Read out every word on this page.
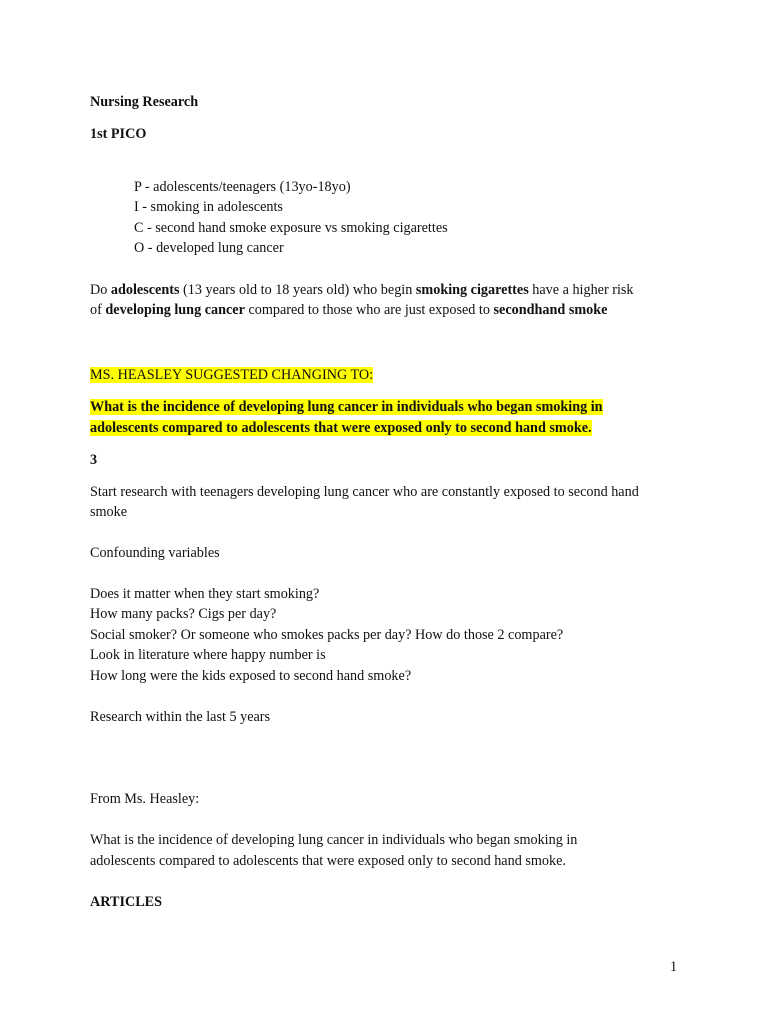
Nursing Research
1st PICO
P - adolescents/teenagers (13yo-18yo)
I - smoking in adolescents
C - second hand smoke exposure vs smoking cigarettes
O - developed lung cancer
Do adolescents (13 years old to 18 years old) who begin smoking cigarettes have a higher risk
of developing lung cancer compared to those who are just exposed to secondhand smoke
MS. HEASLEY SUGGESTED CHANGING TO:
What is the incidence of developing lung cancer in individuals who began smoking in
adolescents compared to adolescents that were exposed only to second hand smoke.
3
Start research with teenagers developing lung cancer who are constantly exposed to second hand
smoke
Confounding variables
Does it matter when they start smoking?
How many packs? Cigs per day?
Social smoker? Or someone who smokes packs per day? How do those 2 compare?
Look in literature where happy number is
How long were the kids exposed to second hand smoke?
Research within the last 5 years
From Ms. Heasley:
What is the incidence of developing lung cancer in individuals who began smoking in
adolescents compared to adolescents that were exposed only to second hand smoke.
ARTICLES
1
